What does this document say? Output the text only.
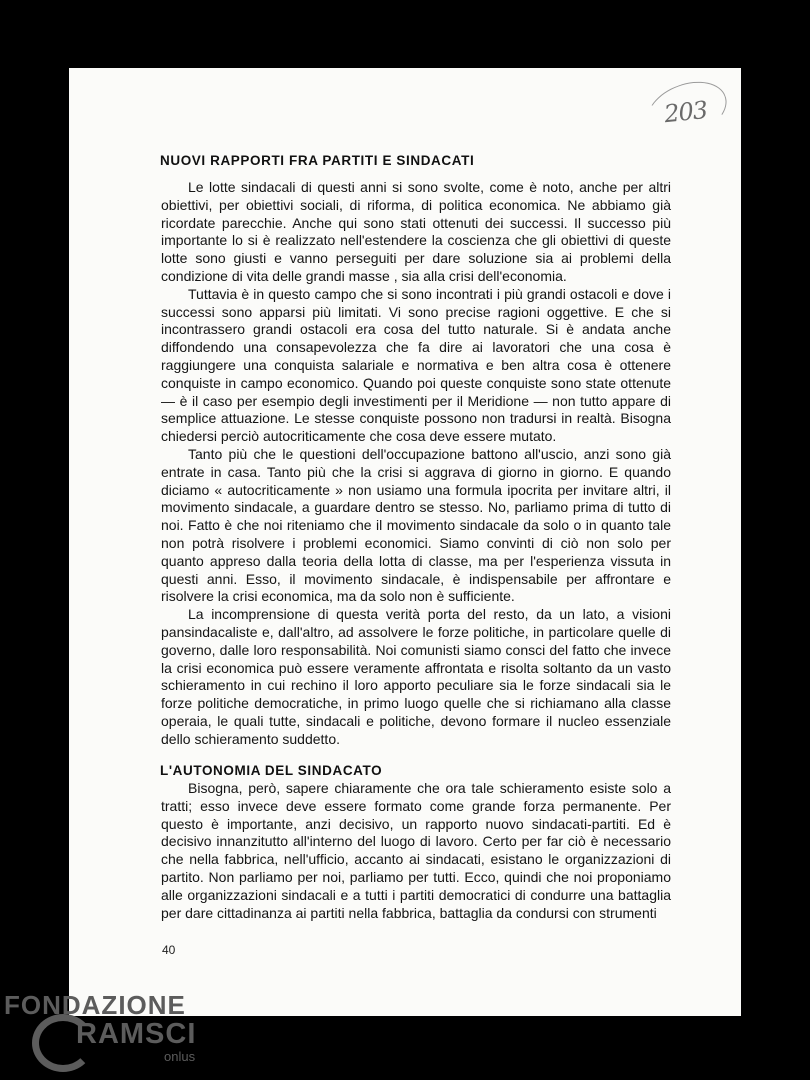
203
NUOVI RAPPORTI FRA PARTITI E SINDACATI

Le lotte sindacali di questi anni si sono svolte, come è noto, anche per altri obiettivi, per obiettivi sociali, di riforma, di politica economica. Ne abbiamo già ricordate parecchie. Anche qui sono stati ottenuti dei successi. Il successo più importante lo si è realizzato nell'estendere la coscienza che gli obiettivi di queste lotte sono giusti e vanno perseguiti per dare soluzione sia ai problemi della condizione di vita delle grandi masse , sia alla crisi dell'economia.

Tuttavia è in questo campo che si sono incontrati i più grandi ostacoli e dove i successi sono apparsi più limitati. Vi sono precise ragioni oggettive. E che si incontrassero grandi ostacoli era cosa del tutto naturale. Si è andata anche diffondendo una consapevolezza che fa dire ai lavoratori che una cosa è raggiungere una conquista salariale e normativa e ben altra cosa è ottenere conquiste in campo economico. Quando poi queste conquiste sono state ottenute — è il caso per esempio degli investimenti per il Meridione — non tutto appare di semplice attuazione. Le stesse conquiste possono non tradursi in realtà. Bisogna chiedersi perciò autocriticamente che cosa deve essere mutato.

Tanto più che le questioni dell'occupazione battono all'uscio, anzi sono già entrate in casa. Tanto più che la crisi si aggrava di giorno in giorno. E quando diciamo « autocriticamente » non usiamo una formula ipocrita per invitare altri, il movimento sindacale, a guardare dentro se stesso. No, parliamo prima di tutto di noi. Fatto è che noi riteniamo che il movimento sindacale da solo o in quanto tale non potrà risolvere i problemi economici. Siamo convinti di ciò non solo per quanto appreso dalla teoria della lotta di classe, ma per l'esperienza vissuta in questi anni. Esso, il movimento sindacale, è indispensabile per affrontare e risolvere la crisi economica, ma da solo non è sufficiente.

La incomprensione di questa verità porta del resto, da un lato, a visioni pansindacaliste e, dall'altro, ad assolvere le forze politiche, in particolare quelle di governo, dalle loro responsabilità. Noi comunisti siamo consci del fatto che invece la crisi economica può essere veramente affrontata e risolta soltanto da un vasto schieramento in cui rechino il loro apporto peculiare sia le forze sindacali sia le forze politiche democratiche, in primo luogo quelle che si richiamano alla classe operaia, le quali tutte, sindacali e politiche, devono formare il nucleo essenziale dello schieramento suddetto.

L'AUTONOMIA DEL SINDACATO

Bisogna, però, sapere chiaramente che ora tale schieramento esiste solo a tratti; esso invece deve essere formato come grande forza permanente. Per questo è importante, anzi decisivo, un rapporto nuovo sindacati-partiti. Ed è decisivo innanzitutto all'interno del luogo di lavoro. Certo per far ciò è necessario che nella fabbrica, nell'ufficio, accanto ai sindacati, esistano le organizzazioni di partito. Non parliamo per noi, parliamo per tutti. Ecco, quindi che noi proponiamo alle organizzazioni sindacali e a tutti i partiti democratici di condurre una battaglia per dare cittadinanza ai partiti nella fabbrica, battaglia da condursi con strumenti

40
FONDAZIONE
RAMSCI
onlus
